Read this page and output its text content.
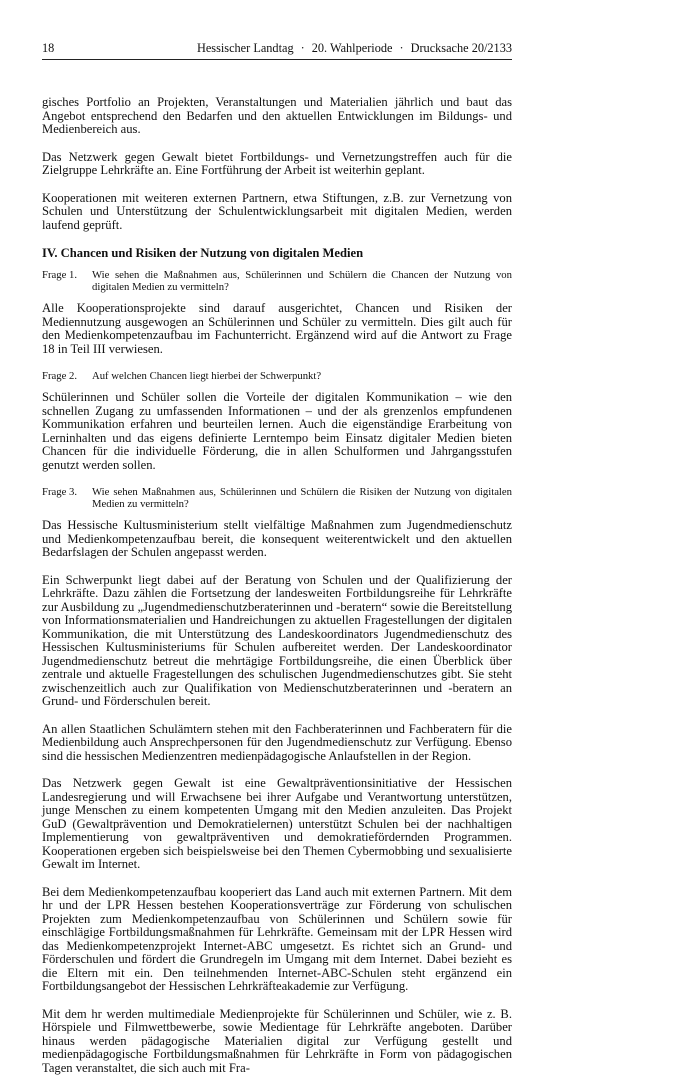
18	Hessischer Landtag · 20. Wahlperiode · Drucksache 20/2133

gisches Portfolio an Projekten, Veranstaltungen und Materialien jährlich und baut das Angebot entsprechend den Bedarfen und den aktuellen Entwicklungen im Bildungs- und Medienbereich aus.

Das Netzwerk gegen Gewalt bietet Fortbildungs- und Vernetzungstreffen auch für die Zielgruppe Lehrkräfte an. Eine Fortführung der Arbeit ist weiterhin geplant.

Kooperationen mit weiteren externen Partnern, etwa Stiftungen, z.B. zur Vernetzung von Schulen und Unterstützung der Schulentwicklungsarbeit mit digitalen Medien, werden laufend geprüft.

IV. Chancen und Risiken der Nutzung von digitalen Medien
Frage 1.	Wie sehen die Maßnahmen aus, Schülerinnen und Schülern die Chancen der Nutzung von digitalen Medien zu vermitteln?

Alle Kooperationsprojekte sind darauf ausgerichtet, Chancen und Risiken der Mediennutzung ausgewogen an Schülerinnen und Schüler zu vermitteln. Dies gilt auch für den Medienkompetenzaufbau im Fachunterricht. Ergänzend wird auf die Antwort zu Frage 18 in Teil III verwiesen.

Frage 2.	Auf welchen Chancen liegt hierbei der Schwerpunkt?

Schülerinnen und Schüler sollen die Vorteile der digitalen Kommunikation – wie den schnellen Zugang zu umfassenden Informationen – und der als grenzenlos empfundenen Kommunikation erfahren und beurteilen lernen. Auch die eigenständige Erarbeitung von Lerninhalten und das eigens definierte Lerntempo beim Einsatz digitaler Medien bieten Chancen für die individuelle Förderung, die in allen Schulformen und Jahrgangsstufen genutzt werden sollen.

Frage 3.	Wie sehen Maßnahmen aus, Schülerinnen und Schülern die Risiken der Nutzung von digitalen Medien zu vermitteln?

Das Hessische Kultusministerium stellt vielfältige Maßnahmen zum Jugendmedienschutz und Medienkompetenzaufbau bereit, die konsequent weiterentwickelt und den aktuellen Bedarfslagen der Schulen angepasst werden.

Ein Schwerpunkt liegt dabei auf der Beratung von Schulen und der Qualifizierung der Lehrkräfte. Dazu zählen die Fortsetzung der landesweiten Fortbildungsreihe für Lehrkräfte zur Ausbildung zu „Jugendmedienschutzberaterinnen und -beratern“ sowie die Bereitstellung von Informationsmaterialien und Handreichungen zu aktuellen Fragestellungen der digitalen Kommunikation, die mit Unterstützung des Landeskoordinators Jugendmedienschutz des Hessischen Kultusministeriums für Schulen aufbereitet werden. Der Landeskoordinator Jugendmedienschutz betreut die mehrtägige Fortbildungsreihe, die einen Überblick über zentrale und aktuelle Fragestellungen des schulischen Jugendmedienschutzes gibt. Sie steht zwischenzeitlich auch zur Qualifikation von Medienschutzberaterinnen und -beratern an Grund- und Förderschulen bereit.

An allen Staatlichen Schulämtern stehen mit den Fachberaterinnen und Fachberatern für die Medienbildung auch Ansprechpersonen für den Jugendmedienschutz zur Verfügung. Ebenso sind die hessischen Medienzentren medienpädagogische Anlaufstellen in der Region.

Das Netzwerk gegen Gewalt ist eine Gewaltpräventionsinitiative der Hessischen Landesregierung und will Erwachsene bei ihrer Aufgabe und Verantwortung unterstützen, junge Menschen zu einem kompetenten Umgang mit den Medien anzuleiten. Das Projekt GuD (Gewaltprävention und Demokratielernen) unterstützt Schulen bei der nachhaltigen Implementierung von gewaltpräventiven und demokratiefördernden Programmen. Kooperationen ergeben sich beispielsweise bei den Themen Cybermobbing und sexualisierte Gewalt im Internet.

Bei dem Medienkompetenzaufbau kooperiert das Land auch mit externen Partnern. Mit dem hr und der LPR Hessen bestehen Kooperationsverträge zur Förderung von schulischen Projekten zum Medienkompetenzaufbau von Schülerinnen und Schülern sowie für einschlägige Fortbildungsmaßnahmen für Lehrkräfte. Gemeinsam mit der LPR Hessen wird das Medienkompetenzprojekt Internet-ABC umgesetzt. Es richtet sich an Grund- und Förderschulen und fördert die Grundregeln im Umgang mit dem Internet. Dabei bezieht es die Eltern mit ein. Den teilnehmenden Internet-ABC-Schulen steht ergänzend ein Fortbildungsangebot der Hessischen Lehrkräfteakademie zur Verfügung.

Mit dem hr werden multimediale Medienprojekte für Schülerinnen und Schüler, wie z. B. Hörspiele und Filmwettbewerbe, sowie Medientage für Lehrkräfte angeboten. Darüber hinaus werden pädagogische Materialien digital zur Verfügung gestellt und medienpädagogische Fortbildungsmaßnahmen für Lehrkräfte in Form von pädagogischen Tagen veranstaltet, die sich auch mit Fra-
